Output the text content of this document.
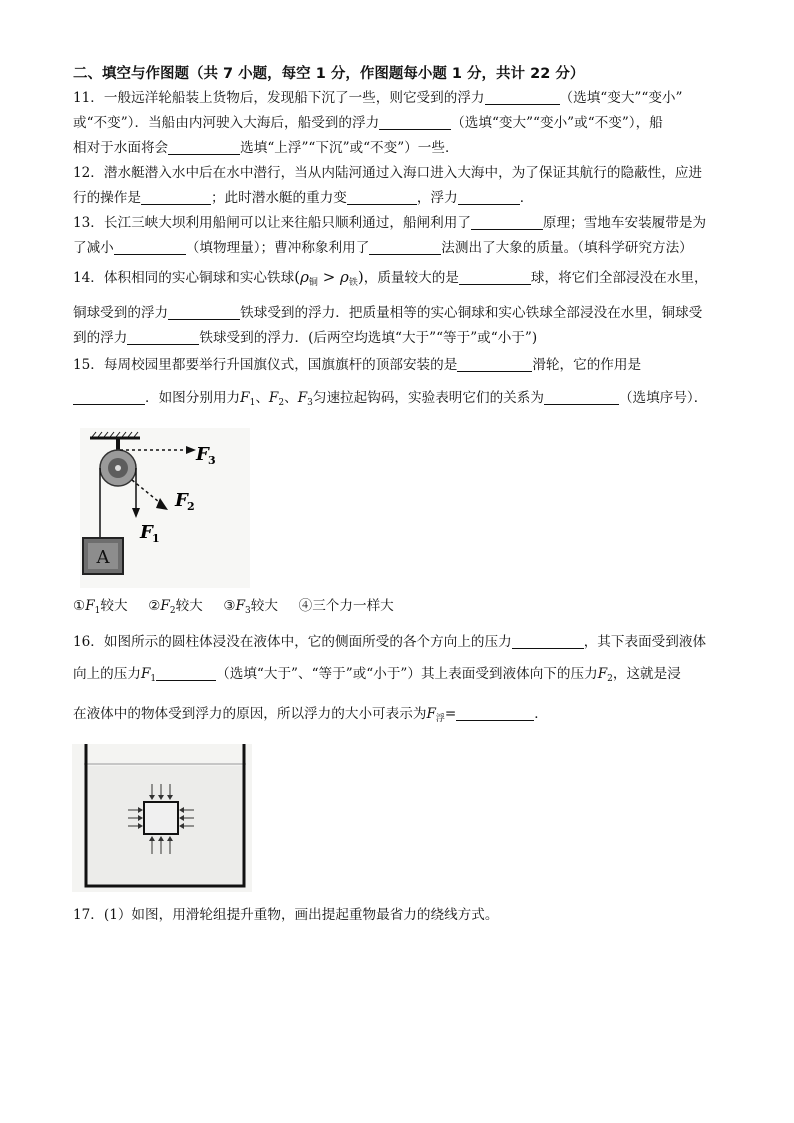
二、填空与作图题（共 7 小题，每空 1 分，作图题每小题 1 分，共计 22 分）
11．一般远洋轮船装上货物后，发现船下沉了一些，则它受到的浮力	（选填“变大”“变小”
或“不变”）．当船由内河驶入大海后，船受到的浮力	（选填“变大”“变小”或“不变”），船
相对于水面将会	选填“上浮”“下沉”或“不变”）一些．
12．潜水艇潜入水中后在水中潜行，当从内陆河通过入海口进入大海中，为了保证其航行的隐蔽性，应进
行的操作是	；此时潜水艇的重力变	，浮力	．
13．长江三峡大坝利用船闸可以让来往船只顺利通过，船闸利用了	原理；雪地车安装履带是为
了减小	（填物理量）；曹冲称象利用了	法测出了大象的质量。（填科学研究方法）
14．体积相同的实心铜球和实心铁球$(\rho_铜 > \rho_铁)$，质量较大的是	球，将它们全部浸没在水里，
铜球受到的浮力	铁球受到的浮力．把质量相等的实心铜球和实心铁球全部浸没在水里，铜球受
到的浮力	铁球受到的浮力．(后两空均选填“大于”“等于”或“小于”)
15．每周校园里都要举行升国旗仪式，国旗旗杆的顶部安装的是	滑轮，它的作用是
．如图分别用力$F_1$、$F_2$、$F_3$匀速拉起钩码，实验表明它们的关系为	（选填序号）．
A
F 1
F 2
F 3
$①F_1$较大 $②F_2$较大 $③F_3$较大 ④三个力一样大
16．如图所示的圆柱体浸没在液体中，它的侧面所受的各个方向上的压力	，其下表面受到液体
向上的压力$F_1$	（选填“大于”、“等于”或“小于”）其上表面受到液体向下的压力$F_2$，这就是浸
在液体中的物体受到浮力的原因，所以浮力的大小可表示为$F_浮=$	．
17．(1）如图，用滑轮组提升重物，画出提起重物最省力的绕线方式。
